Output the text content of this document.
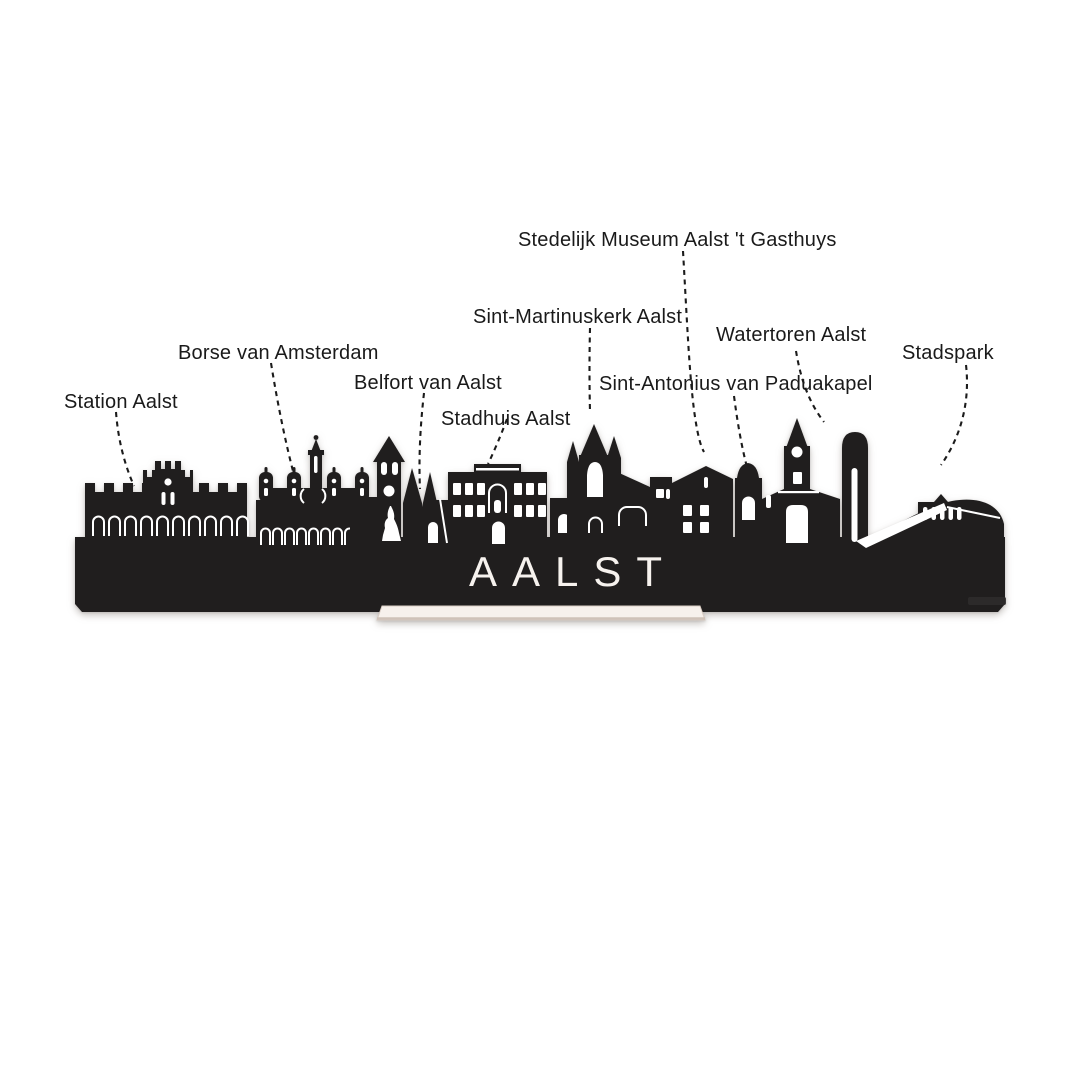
AALST
Station Aalst
Borse van Amsterdam
Belfort van Aalst
Stadhuis Aalst
Sint-Martinuskerk Aalst
Stedelijk Museum Aalst 't Gasthuys
Sint-Antonius van Paduakapel
Watertoren Aalst
Stadspark
